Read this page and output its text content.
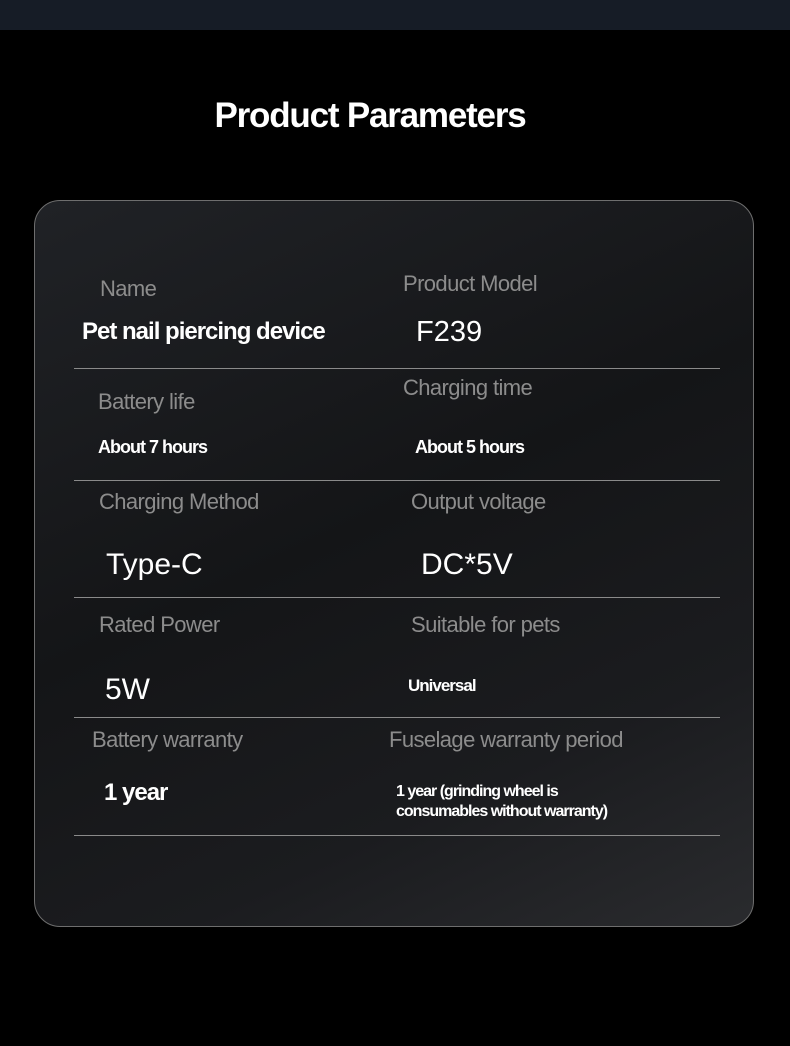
Product Parameters
Name
Pet nail piercing device
Product Model
F239
Battery life
About 7 hours
Charging time
About 5 hours
Charging Method
Type-C
Output voltage
DC*5V
Rated Power
5W
Suitable for pets
Universal
Battery warranty
1 year
Fuselage warranty period
1 year (grinding wheel is
consumables without warranty)
